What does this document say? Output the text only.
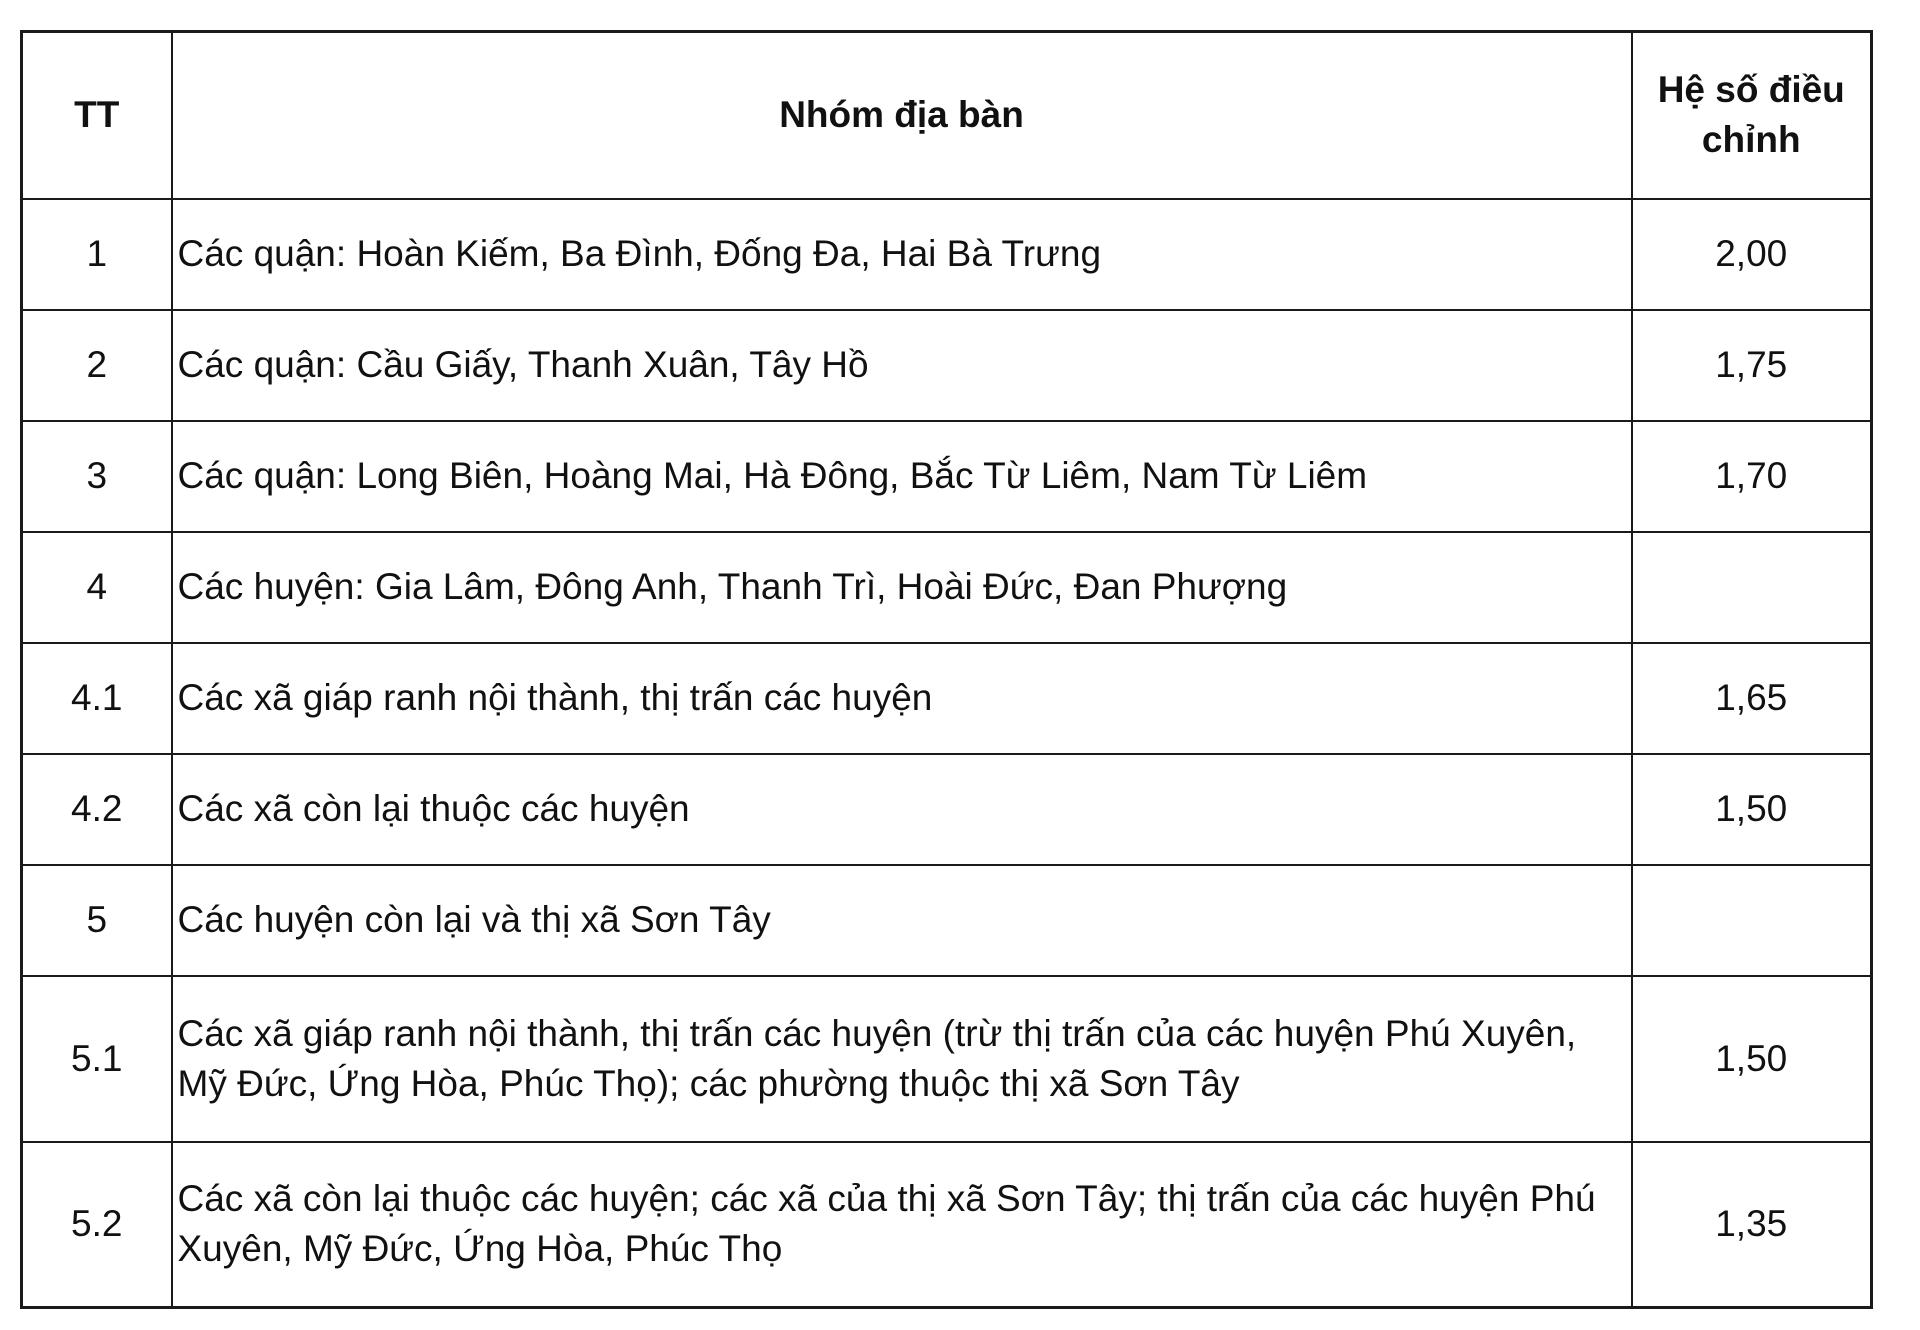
TT	Nhóm địa bàn	Hệ số điều chỉnh
1	Các quận: Hoàn Kiếm, Ba Đình, Đống Đa, Hai Bà Trưng	2,00
2	Các quận: Cầu Giấy, Thanh Xuân, Tây Hồ	1,75
3	Các quận: Long Biên, Hoàng Mai, Hà Đông, Bắc Từ Liêm, Nam Từ Liêm	1,70
4	Các huyện: Gia Lâm, Đông Anh, Thanh Trì, Hoài Đức, Đan Phượng	
4.1	Các xã giáp ranh nội thành, thị trấn các huyện	1,65
4.2	Các xã còn lại thuộc các huyện	1,50
5	Các huyện còn lại và thị xã Sơn Tây	
5.1	Các xã giáp ranh nội thành, thị trấn các huyện (trừ thị trấn của các huyện Phú Xuyên, Mỹ Đức, Ứng Hòa, Phúc Thọ); các phường thuộc thị xã Sơn Tây	1,50
5.2	Các xã còn lại thuộc các huyện; các xã của thị xã Sơn Tây; thị trấn của các huyện Phú Xuyên, Mỹ Đức, Ứng Hòa, Phúc Thọ	1,35
